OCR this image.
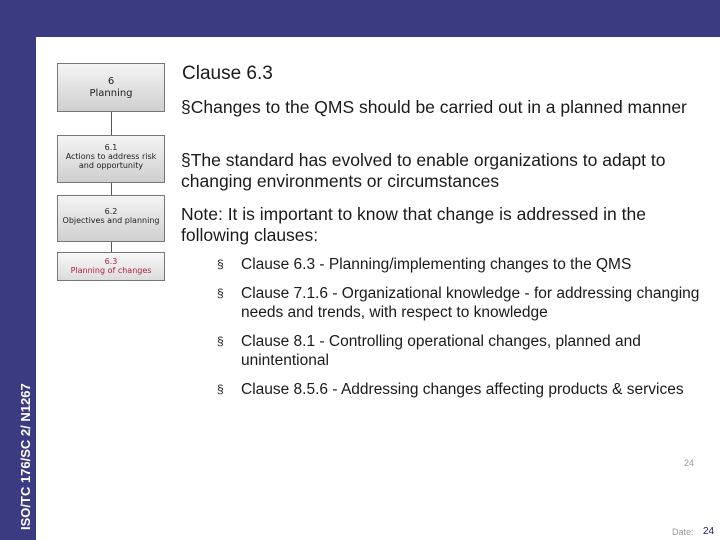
ISO/TC 176/SC 2/ N1267
6
Planning
6.1
Actions to address risk and opportunity
6.2
Objectives and planning
6.3
Planning of changes
Clause 6.3
§Changes to the QMS should be carried out in a planned manner
§The standard has evolved to enable organizations to adapt to changing environments or circumstances
Note: It is important to know that change is addressed in the following clauses:
§ Clause 6.3 - Planning/implementing changes to the QMS
§ Clause 7.1.6 - Organizational knowledge - for addressing changing needs and trends, with respect to knowledge
§ Clause 8.1 - Controlling operational changes, planned and unintentional
§ Clause 8.5.6 - Addressing changes affecting products & services
24
Date: 24
